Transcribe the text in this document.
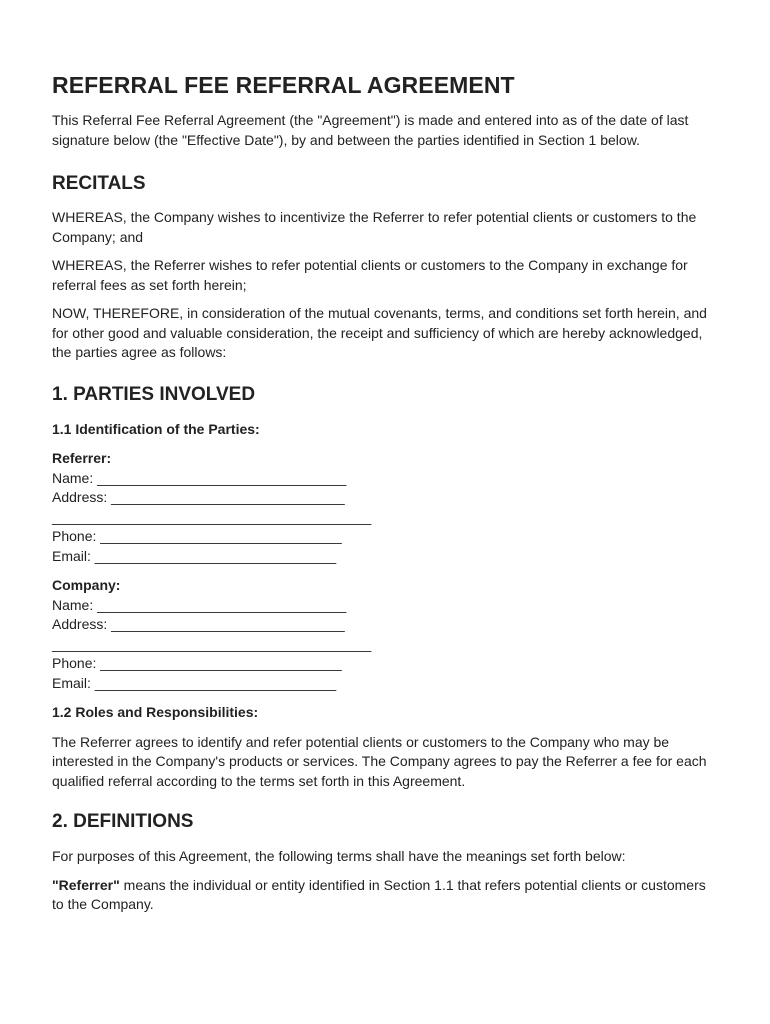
REFERRAL FEE REFERRAL AGREEMENT

This Referral Fee Referral Agreement (the "Agreement") is made and entered into as of the date of last signature below (the "Effective Date"), by and between the parties identified in Section 1 below.

RECITALS

WHEREAS, the Company wishes to incentivize the Referrer to refer potential clients or customers to the Company; and

WHEREAS, the Referrer wishes to refer potential clients or customers to the Company in exchange for referral fees as set forth herein;

NOW, THEREFORE, in consideration of the mutual covenants, terms, and conditions set forth herein, and for other good and valuable consideration, the receipt and sufficiency of which are hereby acknowledged, the parties agree as follows:

1. PARTIES INVOLVED
1.1 Identification of the Parties:
Referrer:
Name: ________________________________
Address: ______________________________
_________________________________________
Phone: _______________________________
Email: _______________________________
Company:
Name: ________________________________
Address: ______________________________
_________________________________________
Phone: _______________________________
Email: _______________________________
1.2 Roles and Responsibilities:

The Referrer agrees to identify and refer potential clients or customers to the Company who may be interested in the Company's products or services. The Company agrees to pay the Referrer a fee for each qualified referral according to the terms set forth in this Agreement.

2. DEFINITIONS

For purposes of this Agreement, the following terms shall have the meanings set forth below:

"Referrer" means the individual or entity identified in Section 1.1 that refers potential clients or customers to the Company.
